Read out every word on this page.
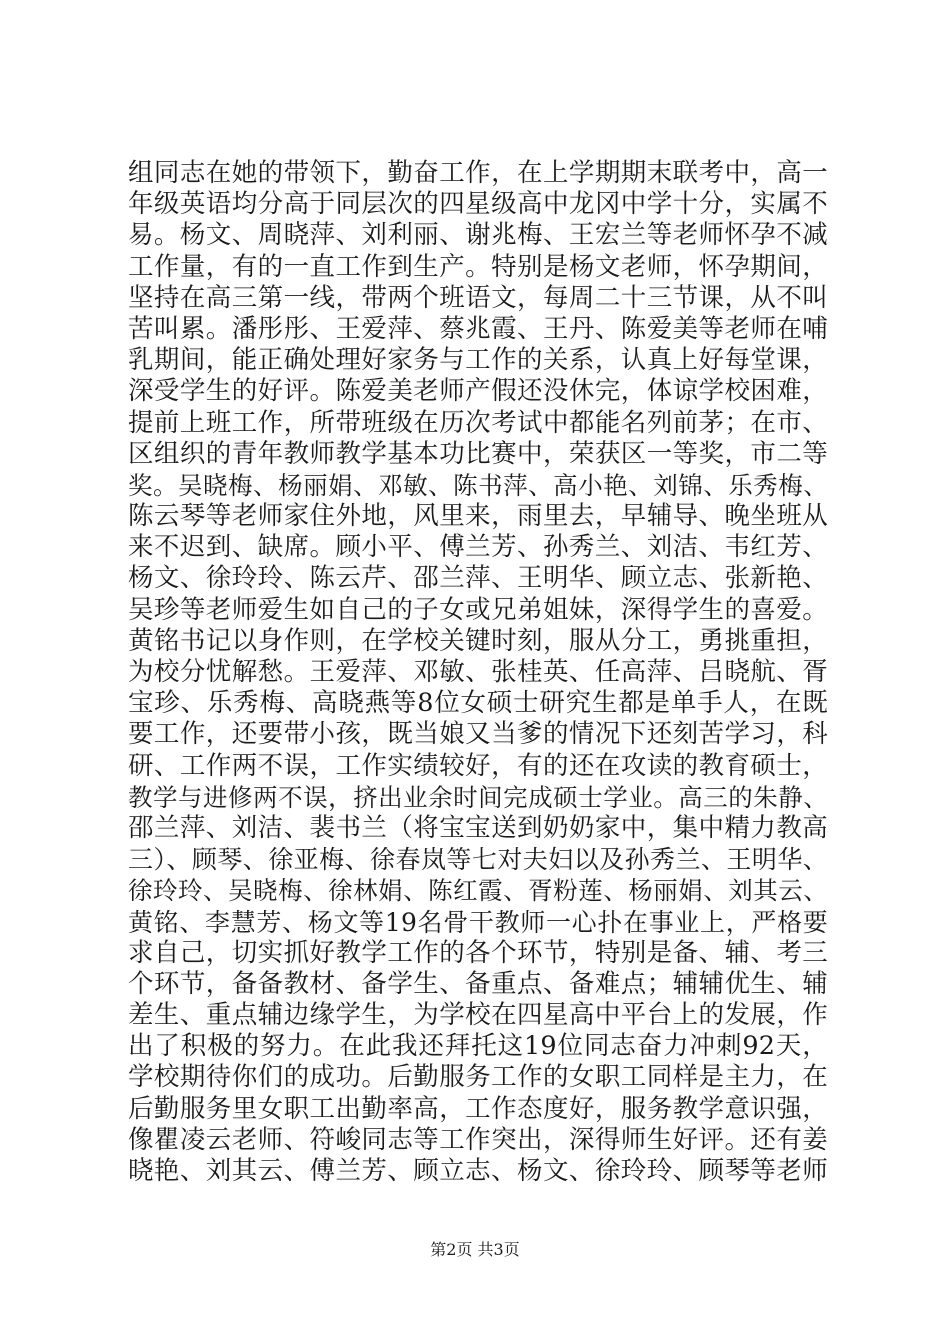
组同志在她的带领下，勤奋工作，在上学期期末联考中，高一
年级英语均分高于同层次的四星级高中龙冈中学十分，实属不
易。杨文、周晓萍、刘利丽、谢兆梅、王宏兰等老师怀孕不减
工作量，有的一直工作到生产。特别是杨文老师，怀孕期间，
坚持在高三第一线，带两个班语文，每周二十三节课，从不叫
苦叫累。潘彤彤、王爱萍、蔡兆霞、王丹、陈爱美等老师在哺
乳期间，能正确处理好家务与工作的关系，认真上好每堂课，
深受学生的好评。陈爱美老师产假还没休完，体谅学校困难，
提前上班工作，所带班级在历次考试中都能名列前茅；在市、
区组织的青年教师教学基本功比赛中，荣获区一等奖，市二等
奖。吴晓梅、杨丽娟、邓敏、陈书萍、高小艳、刘锦、乐秀梅、
陈云琴等老师家住外地，风里来，雨里去，早辅导、晚坐班从
来不迟到、缺席。顾小平、傅兰芳、孙秀兰、刘洁、韦红芳、
杨文、徐玲玲、陈云芹、邵兰萍、王明华、顾立志、张新艳、
吴珍等老师爱生如自己的子女或兄弟姐妹，深得学生的喜爱。
黄铭书记以身作则，在学校关键时刻，服从分工，勇挑重担，
为校分忧解愁。王爱萍、邓敏、张桂英、任高萍、吕晓航、胥
宝珍、乐秀梅、高晓燕等8位女硕士研究生都是单手人，在既
要工作，还要带小孩，既当娘又当爹的情况下还刻苦学习，科
研、工作两不误，工作实绩较好，有的还在攻读的教育硕士，
教学与进修两不误，挤出业余时间完成硕士学业。高三的朱静、
邵兰萍、刘洁、裴书兰（将宝宝送到奶奶家中，集中精力教高
三）、顾琴、徐亚梅、徐春岚等七对夫妇以及孙秀兰、王明华、
徐玲玲、吴晓梅、徐林娟、陈红霞、胥粉莲、杨丽娟、刘其云、
黄铭、李慧芳、杨文等19名骨干教师一心扑在事业上，严格要
求自己，切实抓好教学工作的各个环节，特别是备、辅、考三
个环节，备备教材、备学生、备重点、备难点；辅辅优生、辅
差生、重点辅边缘学生，为学校在四星高中平台上的发展，作
出了积极的努力。在此我还拜托这19位同志奋力冲刺92天，
学校期待你们的成功。后勤服务工作的女职工同样是主力，在
后勤服务里女职工出勤率高，工作态度好，服务教学意识强，
像瞿凌云老师、符峻同志等工作突出，深得师生好评。还有姜
晓艳、刘其云、傅兰芳、顾立志、杨文、徐玲玲、顾琴等老师
第2页 共3页
